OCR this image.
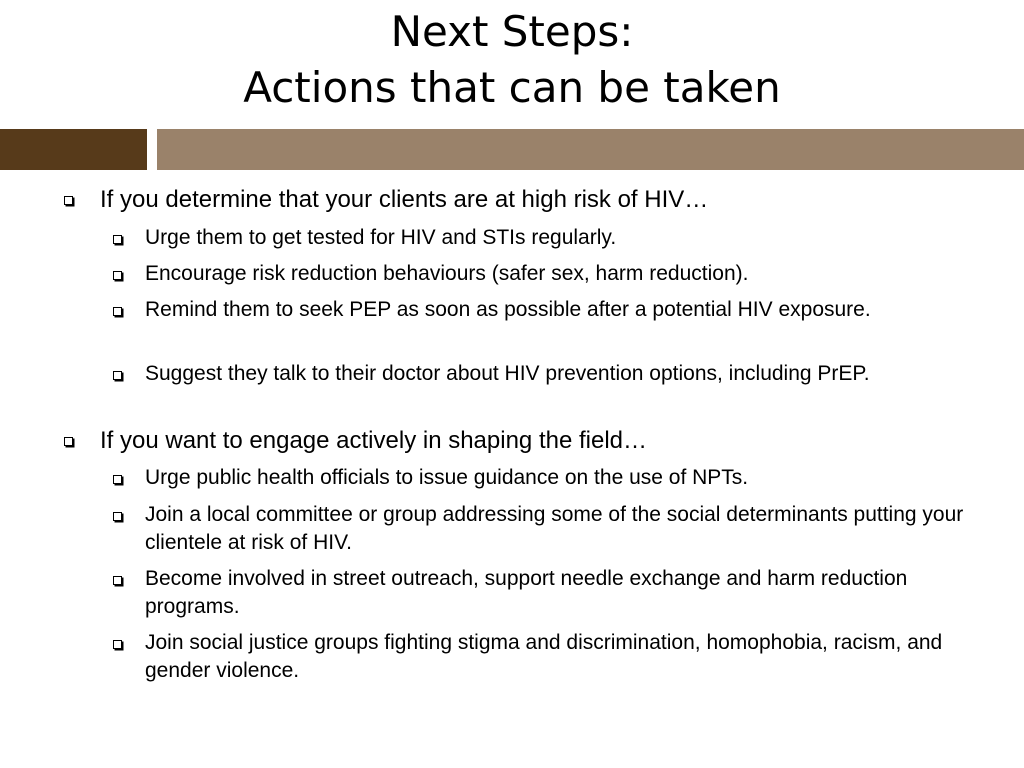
Next Steps:
Actions that can be taken
If you determine that your clients are at high risk of HIV…
Urge them to get tested for HIV and STIs regularly.
Encourage risk reduction behaviours (safer sex, harm reduction).
Remind them to seek PEP as soon as possible after a potential HIV exposure.
Suggest they talk to their doctor about HIV prevention options, including PrEP.
If you want to engage actively in shaping the field…
Urge public health officials to issue guidance on the use of NPTs.
Join a local committee or group addressing some of the social determinants putting your clientele at risk of HIV.
Become involved in street outreach, support needle exchange and harm reduction programs.
Join social justice groups fighting stigma and discrimination, homophobia, racism, and gender violence.
